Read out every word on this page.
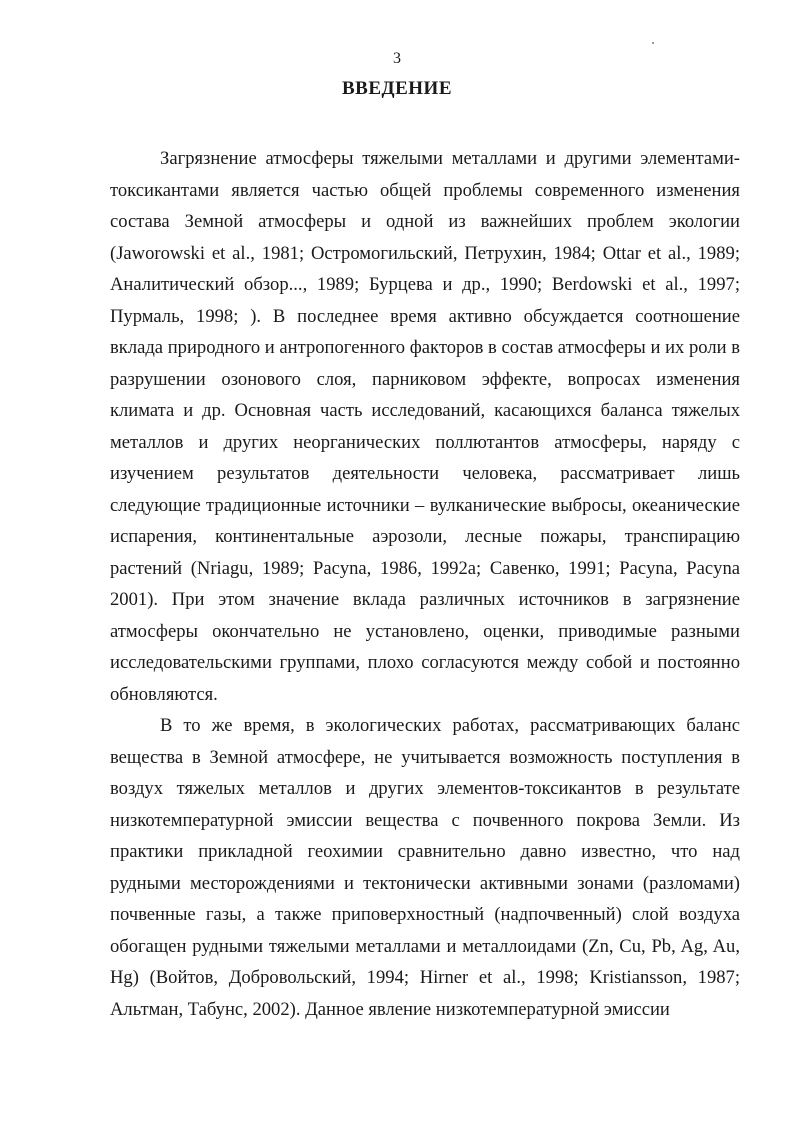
3
ВВЕДЕНИЕ

Загрязнение атмосферы тяжелыми металлами и другими элементами-токсикантами является частью общей проблемы современного изменения состава Земной атмосферы и одной из важнейших проблем экологии (Jaworowski et al., 1981; Остромогильский, Петрухин, 1984; Ottar et al., 1989; Аналитический обзор..., 1989; Бурцева и др., 1990; Berdowski et al., 1997; Пурмаль, 1998; ). В последнее время активно обсуждается соотношение вклада природного и антропогенного факторов в состав атмосферы и их роли в разрушении озонового слоя, парниковом эффекте, вопросах изменения климата и др. Основная часть исследований, касающихся баланса тяжелых металлов и других неорганических поллютантов атмосферы, наряду с изучением результатов деятельности человека, рассматривает лишь следующие традиционные источники – вулканические выбросы, океанические испарения, континентальные аэрозоли, лесные пожары, транспирацию растений (Nriagu, 1989; Pacyna, 1986, 1992a; Савенко, 1991; Pacyna, Pacyna 2001). При этом значение вклада различных источников в загрязнение атмосферы окончательно не установлено, оценки, приводимые разными исследовательскими группами, плохо согласуются между собой и постоянно обновляются.

В то же время, в экологических работах, рассматривающих баланс вещества в Земной атмосфере, не учитывается возможность поступления в воздух тяжелых металлов и других элементов-токсикантов в результате низкотемпературной эмиссии вещества с почвенного покрова Земли. Из практики прикладной геохимии сравнительно давно известно, что над рудными месторождениями и тектонически активными зонами (разломами) почвенные газы, а также приповерхностный (надпочвенный) слой воздуха обогащен рудными тяжелыми металлами и металлоидами (Zn, Cu, Pb, Ag, Au, Hg) (Войтов, Добровольский, 1994; Hirner et al., 1998; Kristiansson, 1987; Альтман, Табунс, 2002). Данное явление низкотемпературной эмиссии
